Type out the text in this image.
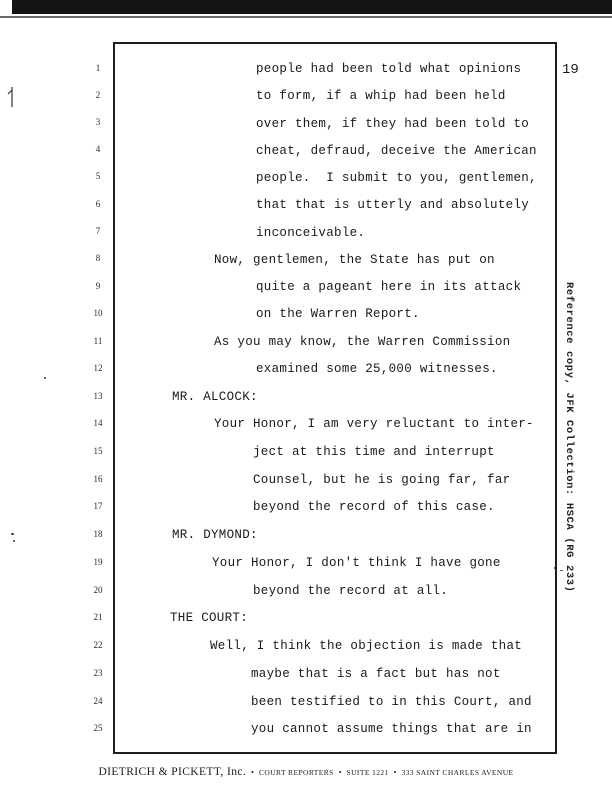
1	people had been told what opinions
2	to form, if a whip had been held
3	over them, if they had been told to
4	cheat, defraud, deceive the American
5	people.  I submit to you, gentlemen,
6	that that is utterly and absolutely
7	inconceivable.
8	Now, gentlemen, the State has put on
9	quite a pageant here in its attack
10	on the Warren Report.
11	As you may know, the Warren Commission
12	examined some 25,000 witnesses.
13	MR. ALCOCK:
14	Your Honor, I am very reluctant to inter-
15	ject at this time and interrupt
16	Counsel, but he is going far, far
17	beyond the record of this case.
18	MR. DYMOND:
19	Your Honor, I don't think I have gone
20	beyond the record at all.
21	THE COURT:
22	Well, I think the objection is made that
23	maybe that is a fact but has not
24	been testified to in this Court, and
25	you cannot assume things that are in
19
Reference copy, JFK Collection: HSCA (RG 233)
DIETRICH & PICKETT, Inc. • COURT REPORTERS • SUITE 1221 • 333 SAINT CHARLES AVENUE
